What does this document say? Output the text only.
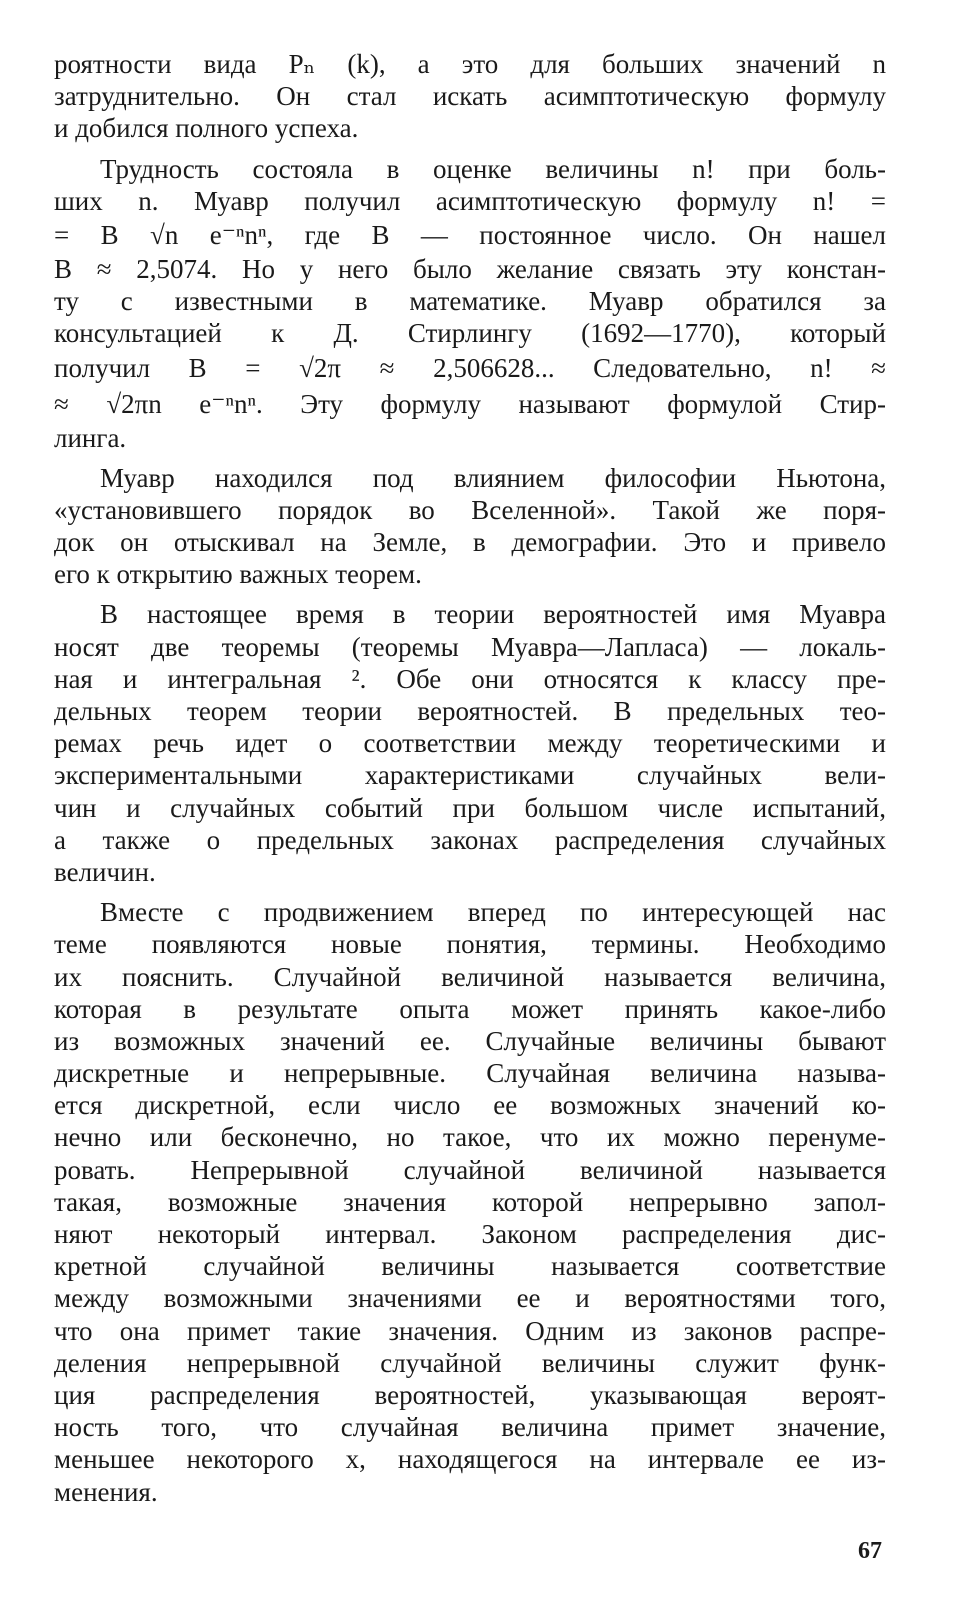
роятности вида Pₙ (k), а это для больших значений n
затруднительно. Он стал искать асимптотическую формулу
и добился полного успеха.
Трудность состояла в оценке величины n! при боль-
ших n. Муавр получил асимптотическую формулу n! =
= B √n e⁻ⁿnⁿ, где B — постоянное число. Он нашел
B ≈ 2,5074. Но у него было желание связать эту констан-
ту с известными в математике. Муавр обратился за
консультацией к Д. Стирлингу (1692—1770), который
получил B = √2π ≈ 2,506628... Следовательно, n! ≈
≈ √2πn e⁻ⁿnⁿ. Эту формулу называют формулой Стир-
линга.
Муавр находился под влиянием философии Ньютона,
«установившего порядок во Вселенной». Такой же поря-
док он отыскивал на Земле, в демографии. Это и привело
его к открытию важных теорем.
В настоящее время в теории вероятностей имя Муавра
носят две теоремы (теоремы Муавра—Лапласа) — локаль-
ная и интегральная ². Обе они относятся к классу пре-
дельных теорем теории вероятностей. В предельных тео-
ремах речь идет о соответствии между теоретическими и
экспериментальными характеристиками случайных вели-
чин и случайных событий при большом числе испытаний,
а также о предельных законах распределения случайных
величин.
Вместе с продвижением вперед по интересующей нас
теме появляются новые понятия, термины. Необходимо
их пояснить. Случайной величиной называется величина,
которая в результате опыта может принять какое-либо
из возможных значений ее. Случайные величины бывают
дискретные и непрерывные. Случайная величина называ-
ется дискретной, если число ее возможных значений ко-
нечно или бесконечно, но такое, что их можно перенуме-
ровать. Непрерывной случайной величиной называется
такая, возможные значения которой непрерывно запол-
няют некоторый интервал. Законом распределения дис-
кретной случайной величины называется соответствие
между возможными значениями ее и вероятностями того,
что она примет такие значения. Одним из законов распре-
деления непрерывной случайной величины служит функ-
ция распределения вероятностей, указывающая вероят-
ность того, что случайная величина примет значение,
меньшее некоторого x, находящегося на интервале ее из-
менения.
67
